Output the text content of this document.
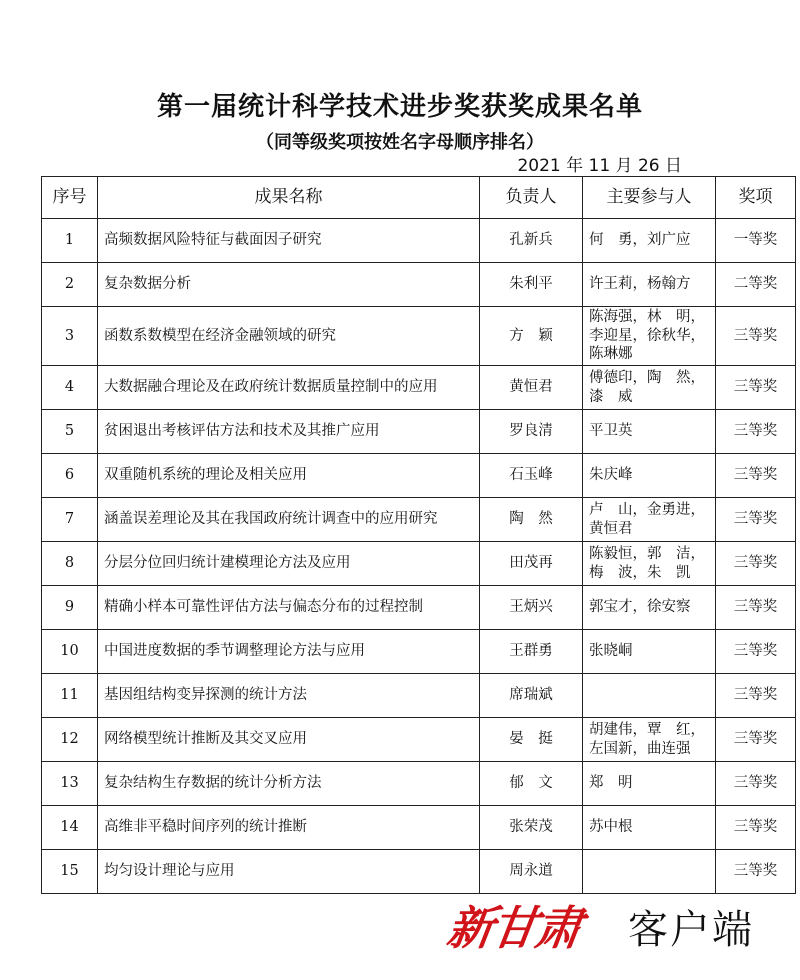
第一届统计科学技术进步奖获奖成果名单
（同等级奖项按姓名字母顺序排名）
2021 年 11 月 26 日
序号	成果名称	负责人	主要参与人	奖项
1	高频数据风险特征与截面因子研究	孔新兵	何　勇，刘广应	一等奖
2	复杂数据分析	朱利平	许王莉，杨翰方	二等奖
3	函数系数模型在经济金融领域的研究	方　颖	陈海强，林　明，
李迎星，徐秋华，
陈琳娜	三等奖
4	大数据融合理论及在政府统计数据质量控制中的应用	黄恒君	傅德印，陶　然，
漆　威	三等奖
5	贫困退出考核评估方法和技术及其推广应用	罗良清	平卫英	三等奖
6	双重随机系统的理论及相关应用	石玉峰	朱庆峰	三等奖
7	涵盖误差理论及其在我国政府统计调查中的应用研究	陶　然	卢　山，金勇进，
黄恒君	三等奖
8	分层分位回归统计建模理论方法及应用	田茂再	陈毅恒，郭　洁，
梅　波，朱　凯	三等奖
9	精确小样本可靠性评估方法与偏态分布的过程控制	王炳兴	郭宝才，徐安察	三等奖
10	中国进度数据的季节调整理论方法与应用	王群勇	张晓峒	三等奖
11	基因组结构变异探测的统计方法	席瑞斌		三等奖
12	网络模型统计推断及其交叉应用	晏　挺	胡建伟，覃　红，
左国新，曲连强	三等奖
13	复杂结构生存数据的统计分析方法	郁　文	郑　明	三等奖
14	高维非平稳时间序列的统计推断	张荣茂	苏中根	三等奖
15	均匀设计理论与应用	周永道		三等奖
新甘肃 客户端
